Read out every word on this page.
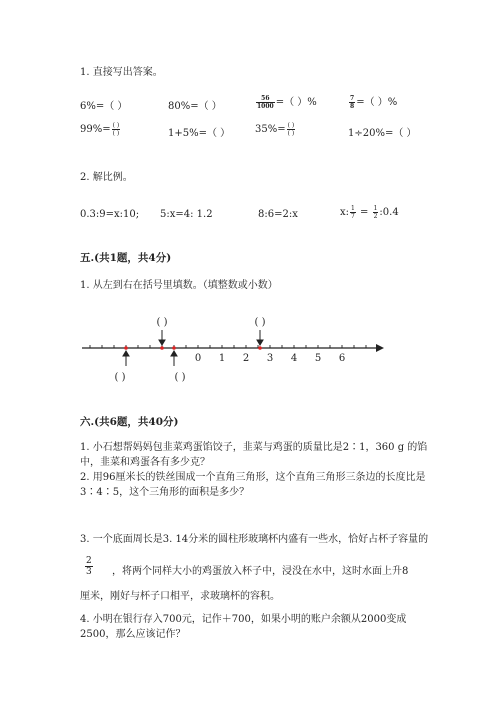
1. 直接写出答案。
6%=（ ）	80%=（ ）	$\frac{56}{1000}$ =（ ）%	$\frac{7}{8}$ =（ ）%
$99\%= \frac{( )}{( )}$	1+5%=（ ） $35\%= \frac{( )}{( )}$	1÷20%=（ ）
2. 解比例。
0.3:9=x:10; 5:x=4: 1.2	8:6=2:x	x: $\frac{1}{7} = \frac{1}{2}$ :0.4
五.(共1题，共4分)
1. 从左到右在括号里填数。（填整数或小数）
0 1 2 3 4 5 6
( )	( )
( )	( )
六.(共6题，共40分)
1. 小石想帮妈妈包韭菜鸡蛋馅饺子，韭菜与鸡蛋的质量比是2∶1，360 g 的馅
中，韭菜和鸡蛋各有多少克？
2. 用96厘米长的铁丝围成一个直角三角形，这个直角三角形三条边的长度比是
3∶4∶5，这个三角形的面积是多少？
3. 一个底面周长是3. 14分米的圆柱形玻璃杯内盛有一些水，恰好占杯子容量的
$\frac{2}{3}$ ，将两个同样大小的鸡蛋放入杯子中，浸没在水中，这时水面上升8
厘米，刚好与杯子口相平，求玻璃杯的容积。
4. 小明在银行存入700元，记作＋700，如果小明的账户余额从2000变成
2500，那么应该记作？
